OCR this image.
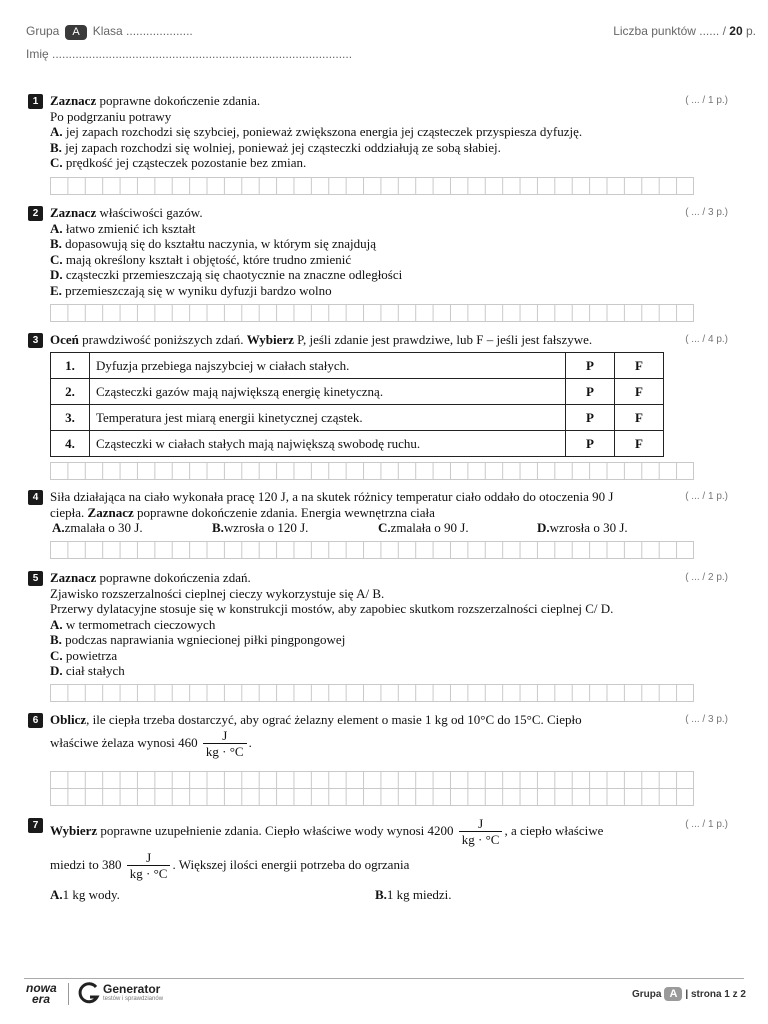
Grupa A Klasa ....................	Liczba punktów ...... / 20 p.
Imię ..........................................................................................
1	( ... / 1 p.)
Zaznacz poprawne dokończenie zdania.
Po podgrzaniu potrawy
A. jej zapach rozchodzi się szybciej, ponieważ zwiększona energia jej cząsteczek przyspiesza dyfuzję.
B. jej zapach rozchodzi się wolniej, ponieważ jej cząsteczki oddziałują ze sobą słabiej.
C. prędkość jej cząsteczek pozostanie bez zmian.
2	( ... / 3 p.)
Zaznacz właściwości gazów.
A. łatwo zmienić ich kształt
B. dopasowują się do kształtu naczynia, w którym się znajdują
C. mają określony kształt i objętość, które trudno zmienić
D. cząsteczki przemieszczają się chaotycznie na znaczne odległości
E. przemieszczają się w wyniku dyfuzji bardzo wolno
3	( ... / 4 p.)
Oceń prawdziwość poniższych zdań. Wybierz P, jeśli zdanie jest prawdziwe, lub F – jeśli jest fałszywe.
1.	Dyfuzja przebiega najszybciej w ciałach stałych.	P	F
2.	Cząsteczki gazów mają największą energię kinetyczną.	P	F
3.	Temperatura jest miarą energii kinetycznej cząstek.	P	F
4.	Cząsteczki w ciałach stałych mają największą swobodę ruchu.	P	F
4	( ... / 1 p.)
Siła działająca na ciało wykonała pracę 120 J, a na skutek różnicy temperatur ciało oddało do otoczenia 90 J
ciepła. Zaznacz poprawne dokończenie zdania. Energia wewnętrzna ciała
A.zmalała o 30 J.	B.wzrosła o 120 J.	C.zmalała o 90 J.	D.wzrosła o 30 J.
5	( ... / 2 p.)
Zaznacz poprawne dokończenia zdań.
Zjawisko rozszerzalności cieplnej cieczy wykorzystuje się A/ B.
Przerwy dylatacyjne stosuje się w konstrukcji mostów, aby zapobiec skutkom rozszerzalności cieplnej C/ D.
A. w termometrach cieczowych
B. podczas naprawiania wgniecionej piłki pingpongowej
C. powietrza
D. ciał stałych
6	( ... / 3 p.)
Oblicz, ile ciepła trzeba dostarczyć, aby ograć żelazny element o masie 1 kg od 10°C do 15°C. Ciepło
właściwe żelaza wynosi $460 \frac{J}{kg \cdot ^\circ C}$ .
7	( ... / 1 p.)
Wybierz poprawne uzupełnienie zdania. Ciepło właściwe wody wynosi $4200 \frac{J}{kg \cdot ^\circ C}$ , a ciepło właściwe
miedzi to $380 \frac{J}{kg \cdot ^\circ C}$ . Większej ilości energii potrzeba do ogrzania
A.1 kg wody.	B.1 kg miedzi.
nowa
era
Generator
testów i sprawdzianów	Grupa A | strona 1 z 2
